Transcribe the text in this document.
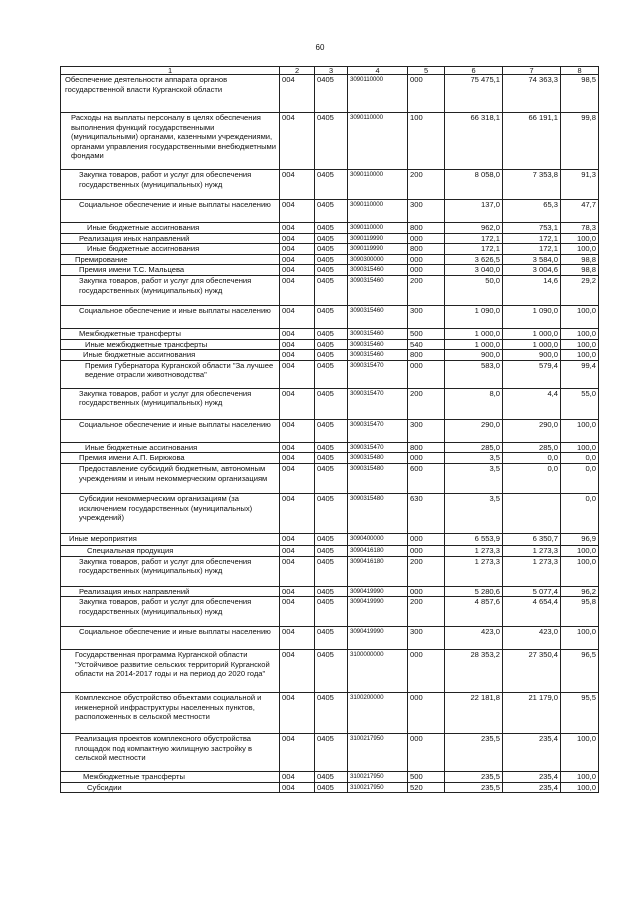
60
1	2	3	4	5	6	7	8
Обеспечение деятельности аппарата органов государственной власти Курганской области	004	0405	3090110000	000	75 475,1	74 363,3	98,5
Расходы на выплаты персоналу в целях обеспечения выполнения функций государственными (муниципальными) органами, казенными учреждениями, органами управления государственными внебюджетными фондами	004	0405	3090110000	100	66 318,1	66 191,1	99,8
Закупка товаров, работ и услуг для обеспечения государственных (муниципальных) нужд	004	0405	3090110000	200	8 058,0	7 353,8	91,3
Социальное обеспечение и иные выплаты населению	004	0405	3090110000	300	137,0	65,3	47,7
Иные бюджетные ассигнования	004	0405	3090110000	800	962,0	753,1	78,3
Реализация иных направлений	004	0405	3090119990	000	172,1	172,1	100,0
Иные бюджетные ассигнования	004	0405	3090119990	800	172,1	172,1	100,0
Премирование	004	0405	3090300000	000	3 626,5	3 584,0	98,8
Премия имени Т.С. Мальцева	004	0405	3090315460	000	3 040,0	3 004,6	98,8
Закупка товаров, работ и услуг для обеспечения государственных (муниципальных) нужд	004	0405	3090315460	200	50,0	14,6	29,2
Социальное обеспечение и иные выплаты населению	004	0405	3090315460	300	1 090,0	1 090,0	100,0
Межбюджетные трансферты	004	0405	3090315460	500	1 000,0	1 000,0	100,0
Иные межбюджетные трансферты	004	0405	3090315460	540	1 000,0	1 000,0	100,0
Иные бюджетные ассигнования	004	0405	3090315460	800	900,0	900,0	100,0
Премия Губернатора Курганской области "За лучшее ведение отрасли животноводства"	004	0405	3090315470	000	583,0	579,4	99,4
Закупка товаров, работ и услуг для обеспечения государственных (муниципальных) нужд	004	0405	3090315470	200	8,0	4,4	55,0
Социальное обеспечение и иные выплаты населению	004	0405	3090315470	300	290,0	290,0	100,0
Иные бюджетные ассигнования	004	0405	3090315470	800	285,0	285,0	100,0
Премия имени А.П. Бирюкова	004	0405	3090315480	000	3,5	0,0	0,0
Предоставление субсидий бюджетным, автономным учреждениям и иным некоммерческим организациям	004	0405	3090315480	600	3,5	0,0	0,0
Субсидии некоммерческим организациям (за исключением государственных (муниципальных) учреждений)	004	0405	3090315480	630	3,5		0,0
Иные мероприятия	004	0405	3090400000	000	6 553,9	6 350,7	96,9
Специальная продукция	004	0405	3090416180	000	1 273,3	1 273,3	100,0
Закупка товаров, работ и услуг для обеспечения государственных (муниципальных) нужд	004	0405	3090416180	200	1 273,3	1 273,3	100,0
Реализация иных направлений	004	0405	3090419990	000	5 280,6	5 077,4	96,2
Закупка товаров, работ и услуг для обеспечения государственных (муниципальных) нужд	004	0405	3090419990	200	4 857,6	4 654,4	95,8
Социальное обеспечение и иные выплаты населению	004	0405	3090419990	300	423,0	423,0	100,0
Государственная программа Курганской области "Устойчивое развитие сельских территорий Курганской области на 2014-2017 годы и на период до 2020 года"	004	0405	3100000000	000	28 353,2	27 350,4	96,5
Комплексное обустройство объектами социальной и инженерной инфраструктуры населенных пунктов, расположенных в сельской местности	004	0405	3100200000	000	22 181,8	21 179,0	95,5
Реализация проектов комплексного обустройства площадок под компактную жилищную застройку в сельской местности	004	0405	3100217950	000	235,5	235,4	100,0
Межбюджетные трансферты	004	0405	3100217950	500	235,5	235,4	100,0
Субсидии	004	0405	3100217950	520	235,5	235,4	100,0
